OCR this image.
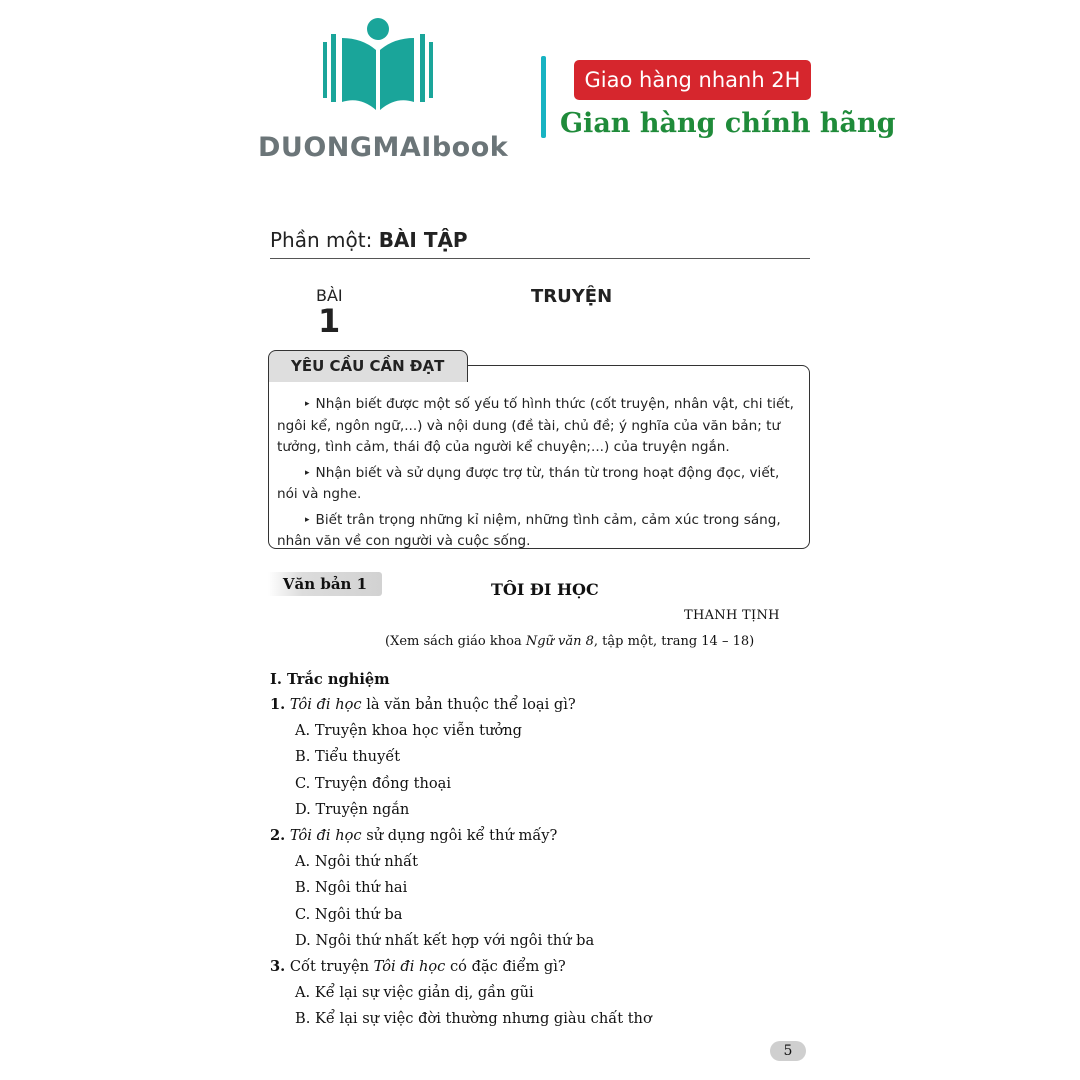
DUONGMAIbook
Giao hàng nhanh 2H
Gian hàng chính hãng
Phần một: BÀI TẬP
BÀI
1
TRUYỆN
YÊU CẦU CẦN ĐẠT

▸ Nhận biết được một số yếu tố hình thức (cốt truyện, nhân vật, chi tiết, ngôi kể, ngôn ngữ,...) và nội dung (đề tài, chủ đề; ý nghĩa của văn bản; tư tưởng, tình cảm, thái độ của người kể chuyện;...) của truyện ngắn.

▸ Nhận biết và sử dụng được trợ từ, thán từ trong hoạt động đọc, viết, nói và nghe.

▸ Biết trân trọng những kỉ niệm, những tình cảm, cảm xúc trong sáng, nhân văn về con người và cuộc sống.

Văn bản 1	TÔI ĐI HỌC
THANH TỊNH
(Xem sách giáo khoa Ngữ văn 8, tập một, trang 14 – 18)
I. Trắc nghiệm
1. Tôi đi học là văn bản thuộc thể loại gì?
A. Truyện khoa học viễn tưởng
B. Tiểu thuyết
C. Truyện đồng thoại
D. Truyện ngắn
2. Tôi đi học sử dụng ngôi kể thứ mấy?
A. Ngôi thứ nhất
B. Ngôi thứ hai
C. Ngôi thứ ba
D. Ngôi thứ nhất kết hợp với ngôi thứ ba
3. Cốt truyện Tôi đi học có đặc điểm gì?
A. Kể lại sự việc giản dị, gần gũi
B. Kể lại sự việc đời thường nhưng giàu chất thơ
5
